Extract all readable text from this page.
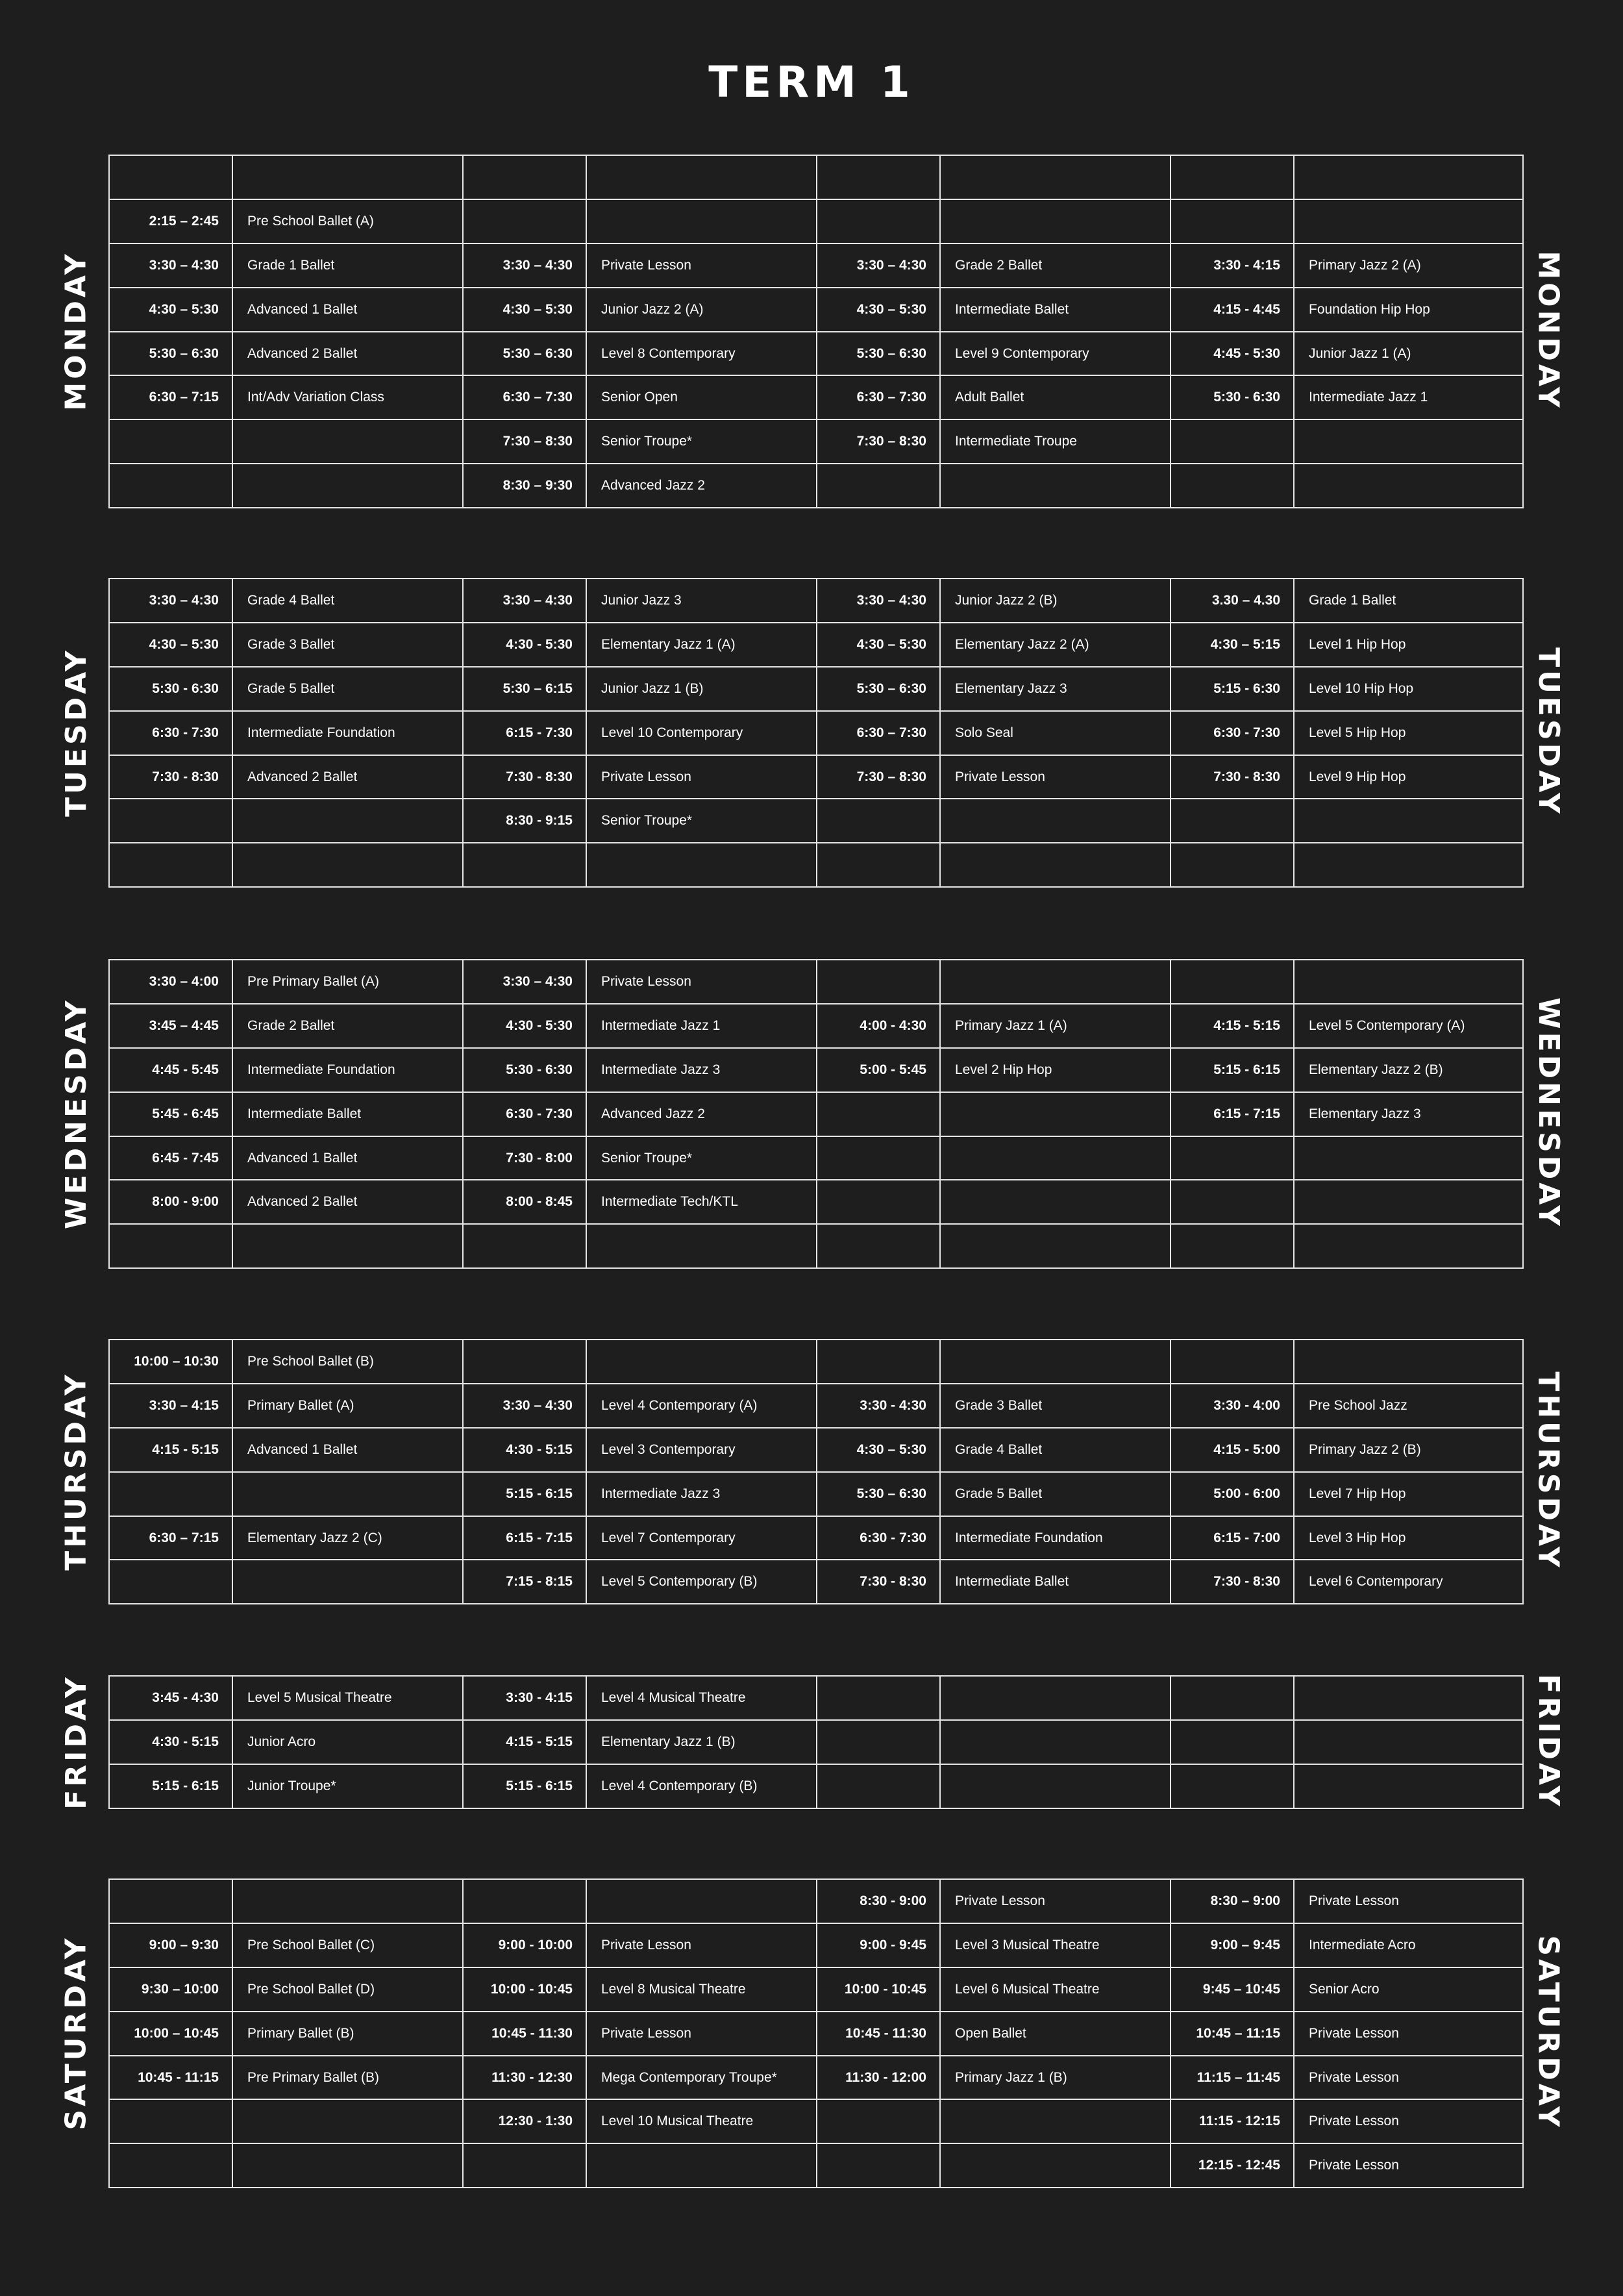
TERM 1

2:15 – 2:45	Pre School Ballet (A)						
3:30 – 4:30	Grade 1 Ballet	3:30 – 4:30	Private Lesson	3:30 – 4:30	Grade 2 Ballet	3:30 - 4:15	Primary Jazz 2 (A)
4:30 – 5:30	Advanced 1 Ballet	4:30 – 5:30	Junior Jazz 2 (A)	4:30 – 5:30	Intermediate Ballet	4:15 - 4:45	Foundation Hip Hop
5:30 – 6:30	Advanced 2 Ballet	5:30 – 6:30	Level 8 Contemporary	5:30 – 6:30	Level 9 Contemporary	4:45 - 5:30	Junior Jazz 1 (A)
6:30 – 7:15	Int/Adv Variation Class	6:30 – 7:30	Senior Open	6:30 – 7:30	Adult Ballet	5:30 - 6:30	Intermediate Jazz 1
		7:30 – 8:30	Senior Troupe*	7:30 – 8:30	Intermediate Troupe		
		8:30 – 9:30	Advanced Jazz 2				
MONDAY	MONDAY
3:30 – 4:30	Grade 4 Ballet	3:30 – 4:30	Junior Jazz 3	3:30 – 4:30	Junior Jazz 2 (B)	3.30 – 4.30	Grade 1 Ballet
4:30 – 5:30	Grade 3 Ballet	4:30 - 5:30	Elementary Jazz 1 (A)	4:30 – 5:30	Elementary Jazz 2 (A)	4:30 – 5:15	Level 1 Hip Hop
5:30 - 6:30	Grade 5 Ballet	5:30 – 6:15	Junior Jazz 1 (B)	5:30 – 6:30	Elementary Jazz 3	5:15 - 6:30	Level 10 Hip Hop
6:30 - 7:30	Intermediate Foundation	6:15 - 7:30	Level 10 Contemporary	6:30 – 7:30	Solo Seal	6:30 - 7:30	Level 5 Hip Hop
7:30 - 8:30	Advanced 2 Ballet	7:30 - 8:30	Private Lesson	7:30 – 8:30	Private Lesson	7:30 - 8:30	Level 9 Hip Hop
		8:30 - 9:15	Senior Troupe*				

TUESDAY	TUESDAY
3:30 – 4:00	Pre Primary Ballet (A)	3:30 – 4:30	Private Lesson				
3:45 – 4:45	Grade 2 Ballet	4:30 - 5:30	Intermediate Jazz 1	4:00 - 4:30	Primary Jazz 1 (A)	4:15 - 5:15	Level 5 Contemporary (A)
4:45 - 5:45	Intermediate Foundation	5:30 - 6:30	Intermediate Jazz 3	5:00 - 5:45	Level 2 Hip Hop	5:15 - 6:15	Elementary Jazz 2 (B)
5:45 - 6:45	Intermediate Ballet	6:30 - 7:30	Advanced Jazz 2			6:15 - 7:15	Elementary Jazz 3
6:45 - 7:45	Advanced 1 Ballet	7:30 - 8:00	Senior Troupe*				
8:00 - 9:00	Advanced 2 Ballet	8:00 - 8:45	Intermediate Tech/KTL				

WEDNESDAY	WEDNESDAY
10:00 – 10:30	Pre School Ballet (B)						
3:30 – 4:15	Primary Ballet (A)	3:30 – 4:30	Level 4 Contemporary (A)	3:30 - 4:30	Grade 3 Ballet	3:30 - 4:00	Pre School Jazz
4:15 - 5:15	Advanced 1 Ballet	4:30 - 5:15	Level 3 Contemporary	4:30 – 5:30	Grade 4 Ballet	4:15 - 5:00	Primary Jazz 2 (B)
		5:15 - 6:15	Intermediate Jazz 3	5:30 – 6:30	Grade 5 Ballet	5:00 - 6:00	Level 7 Hip Hop
6:30 – 7:15	Elementary Jazz 2 (C)	6:15 - 7:15	Level 7 Contemporary	6:30 - 7:30	Intermediate Foundation	6:15 - 7:00	Level 3 Hip Hop
		7:15 - 8:15	Level 5 Contemporary (B)	7:30 - 8:30	Intermediate Ballet	7:30 - 8:30	Level 6 Contemporary
THURSDAY	THURSDAY
3:45 - 4:30	Level 5 Musical Theatre	3:30 - 4:15	Level 4 Musical Theatre				
4:30 - 5:15	Junior Acro	4:15 - 5:15	Elementary Jazz 1 (B)				
5:15 - 6:15	Junior Troupe*	5:15 - 6:15	Level 4 Contemporary (B)				
FRIDAY	FRIDAY
				8:30 - 9:00	Private Lesson	8:30 – 9:00	Private Lesson
9:00 – 9:30	Pre School Ballet (C)	9:00 - 10:00	Private Lesson	9:00 - 9:45	Level 3 Musical Theatre	9:00 – 9:45	Intermediate Acro
9:30 – 10:00	Pre School Ballet (D)	10:00 - 10:45	Level 8 Musical Theatre	10:00 - 10:45	Level 6 Musical Theatre	9:45 – 10:45	Senior Acro
10:00 – 10:45	Primary Ballet (B)	10:45 - 11:30	Private Lesson	10:45 - 11:30	Open Ballet	10:45 – 11:15	Private Lesson
10:45 - 11:15	Pre Primary Ballet (B)	11:30 - 12:30	Mega Contemporary Troupe*	11:30 - 12:00	Primary Jazz 1 (B)	11:15 – 11:45	Private Lesson
		12:30 - 1:30	Level 10 Musical Theatre			11:15 - 12:15	Private Lesson
						12:15 - 12:45	Private Lesson
SATURDAY	SATURDAY
